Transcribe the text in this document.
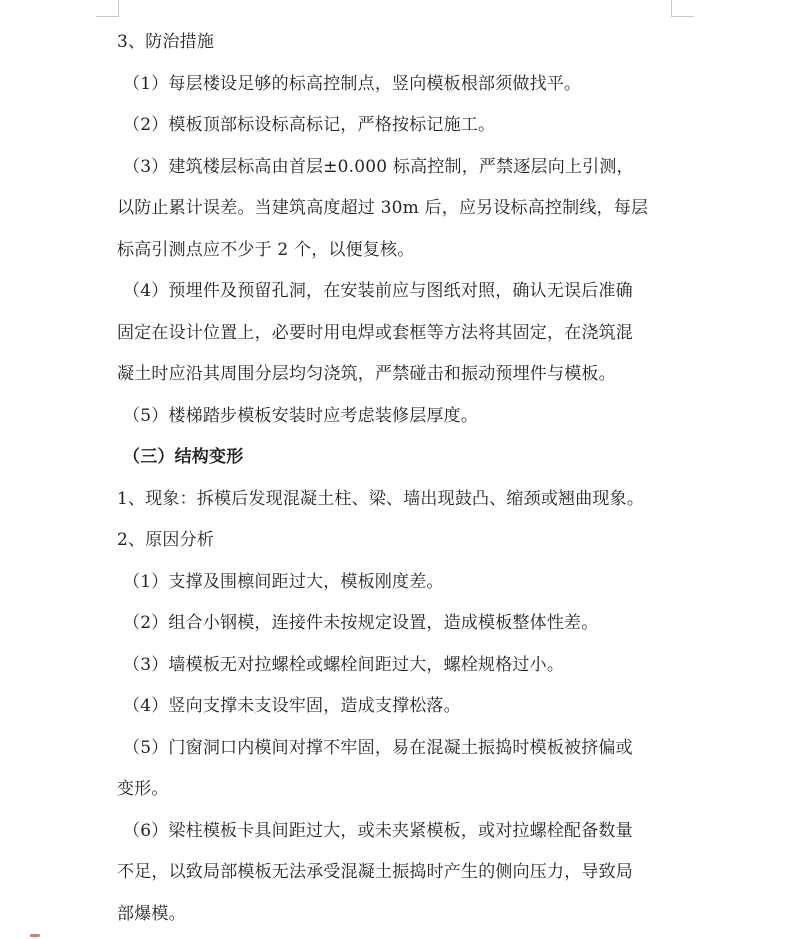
3、防治措施
（1）每层楼设足够的标高控制点，竖向模板根部须做找平。
（2）模板顶部标设标高标记，严格按标记施工。
（3）建筑楼层标高由首层±0.000 标高控制，严禁逐层向上引测，
以防止累计误差。当建筑高度超过 30m 后，应另设标高控制线，每层
标高引测点应不少于 2 个，以便复核。
（4）预埋件及预留孔洞，在安装前应与图纸对照，确认无误后准确
固定在设计位置上，必要时用电焊或套框等方法将其固定，在浇筑混
凝土时应沿其周围分层均匀浇筑，严禁碰击和振动预埋件与模板。
（5）楼梯踏步模板安装时应考虑装修层厚度。
（三）结构变形
1、现象：拆模后发现混凝土柱、梁、墙出现鼓凸、缩颈或翘曲现象。
2、原因分析
（1）支撑及围檩间距过大，模板刚度差。
（2）组合小钢模，连接件未按规定设置，造成模板整体性差。
（3）墙模板无对拉螺栓或螺栓间距过大，螺栓规格过小。
（4）竖向支撑未支设牢固，造成支撑松落。
（5）门窗洞口内模间对撑不牢固，易在混凝土振捣时模板被挤偏或
变形。
（6）梁柱模板卡具间距过大，或未夹紧模板，或对拉螺栓配备数量
不足，以致局部模板无法承受混凝土振捣时产生的侧向压力，导致局
部爆模。
